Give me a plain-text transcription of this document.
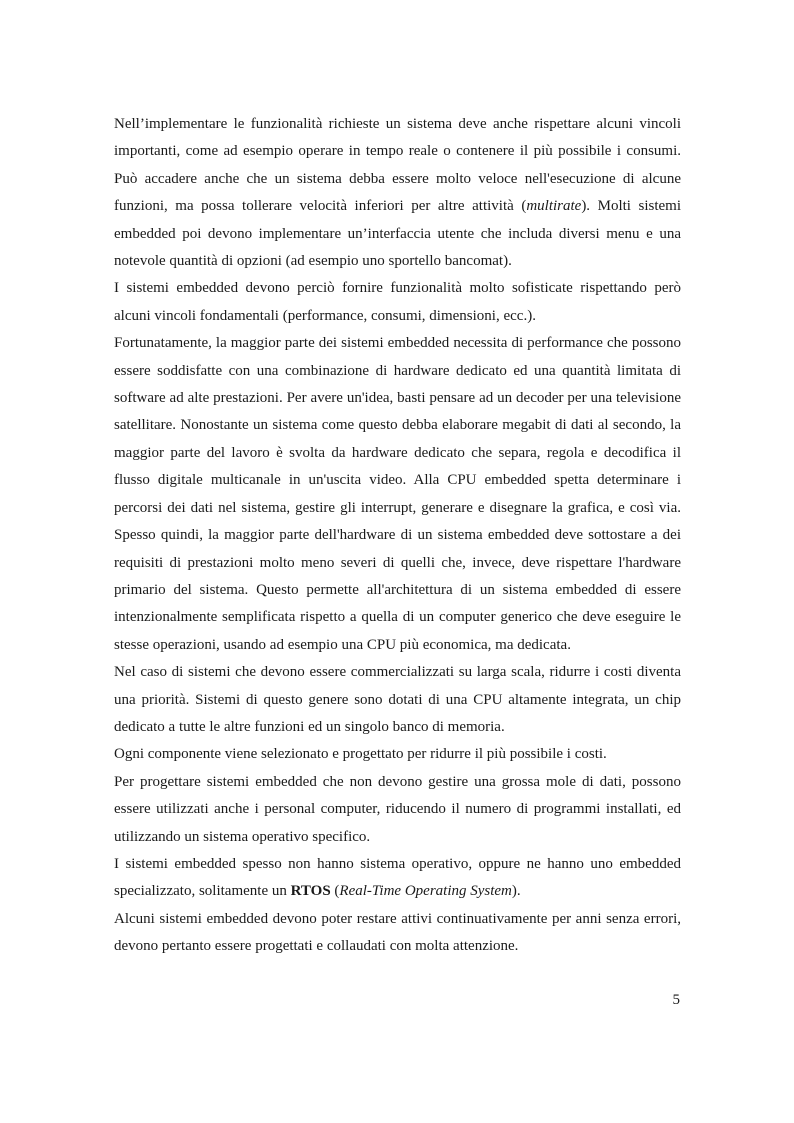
Nell’implementare le funzionalità richieste un sistema deve anche rispettare alcuni vincoli importanti, come ad esempio operare in tempo reale o contenere il più possibile i consumi. Può accadere anche che un sistema debba essere molto veloce nell'esecuzione di alcune funzioni, ma possa tollerare velocità inferiori per altre attività (multirate). Molti sistemi embedded poi devono implementare un’interfaccia utente che includa diversi menu e una notevole quantità di opzioni (ad esempio uno sportello bancomat).

I sistemi embedded devono perciò fornire funzionalità molto sofisticate rispettando però alcuni vincoli fondamentali (performance, consumi, dimensioni, ecc.).

Fortunatamente, la maggior parte dei sistemi embedded necessita di performance che possono essere soddisfatte con una combinazione di hardware dedicato ed una quantità limitata di software ad alte prestazioni. Per avere un'idea, basti pensare ad un decoder per una televisione satellitare. Nonostante un sistema come questo debba elaborare megabit di dati al secondo, la maggior parte del lavoro è svolta da hardware dedicato che separa, regola e decodifica il flusso digitale multicanale in un'uscita video. Alla CPU embedded spetta determinare i percorsi dei dati nel sistema, gestire gli interrupt, generare e disegnare la grafica, e così via. Spesso quindi, la maggior parte dell'hardware di un sistema embedded deve sottostare a dei requisiti di prestazioni molto meno severi di quelli che, invece, deve rispettare l'hardware primario del sistema. Questo permette all'architettura di un sistema embedded di essere intenzionalmente semplificata rispetto a quella di un computer generico che deve eseguire le stesse operazioni, usando ad esempio una CPU più economica, ma dedicata.

Nel caso di sistemi che devono essere commercializzati su larga scala, ridurre i costi diventa una priorità. Sistemi di questo genere sono dotati di una CPU altamente integrata, un chip dedicato a tutte le altre funzioni ed un singolo banco di memoria.

Ogni componente viene selezionato e progettato per ridurre il più possibile i costi.

Per progettare sistemi embedded che non devono gestire una grossa mole di dati, possono essere utilizzati anche i personal computer, riducendo il numero di programmi installati, ed utilizzando un sistema operativo specifico.

I sistemi embedded spesso non hanno sistema operativo, oppure ne hanno uno embedded specializzato, solitamente un RTOS (Real-Time Operating System).

Alcuni sistemi embedded devono poter restare attivi continuativamente per anni senza errori, devono pertanto essere progettati e collaudati con molta attenzione.

5
